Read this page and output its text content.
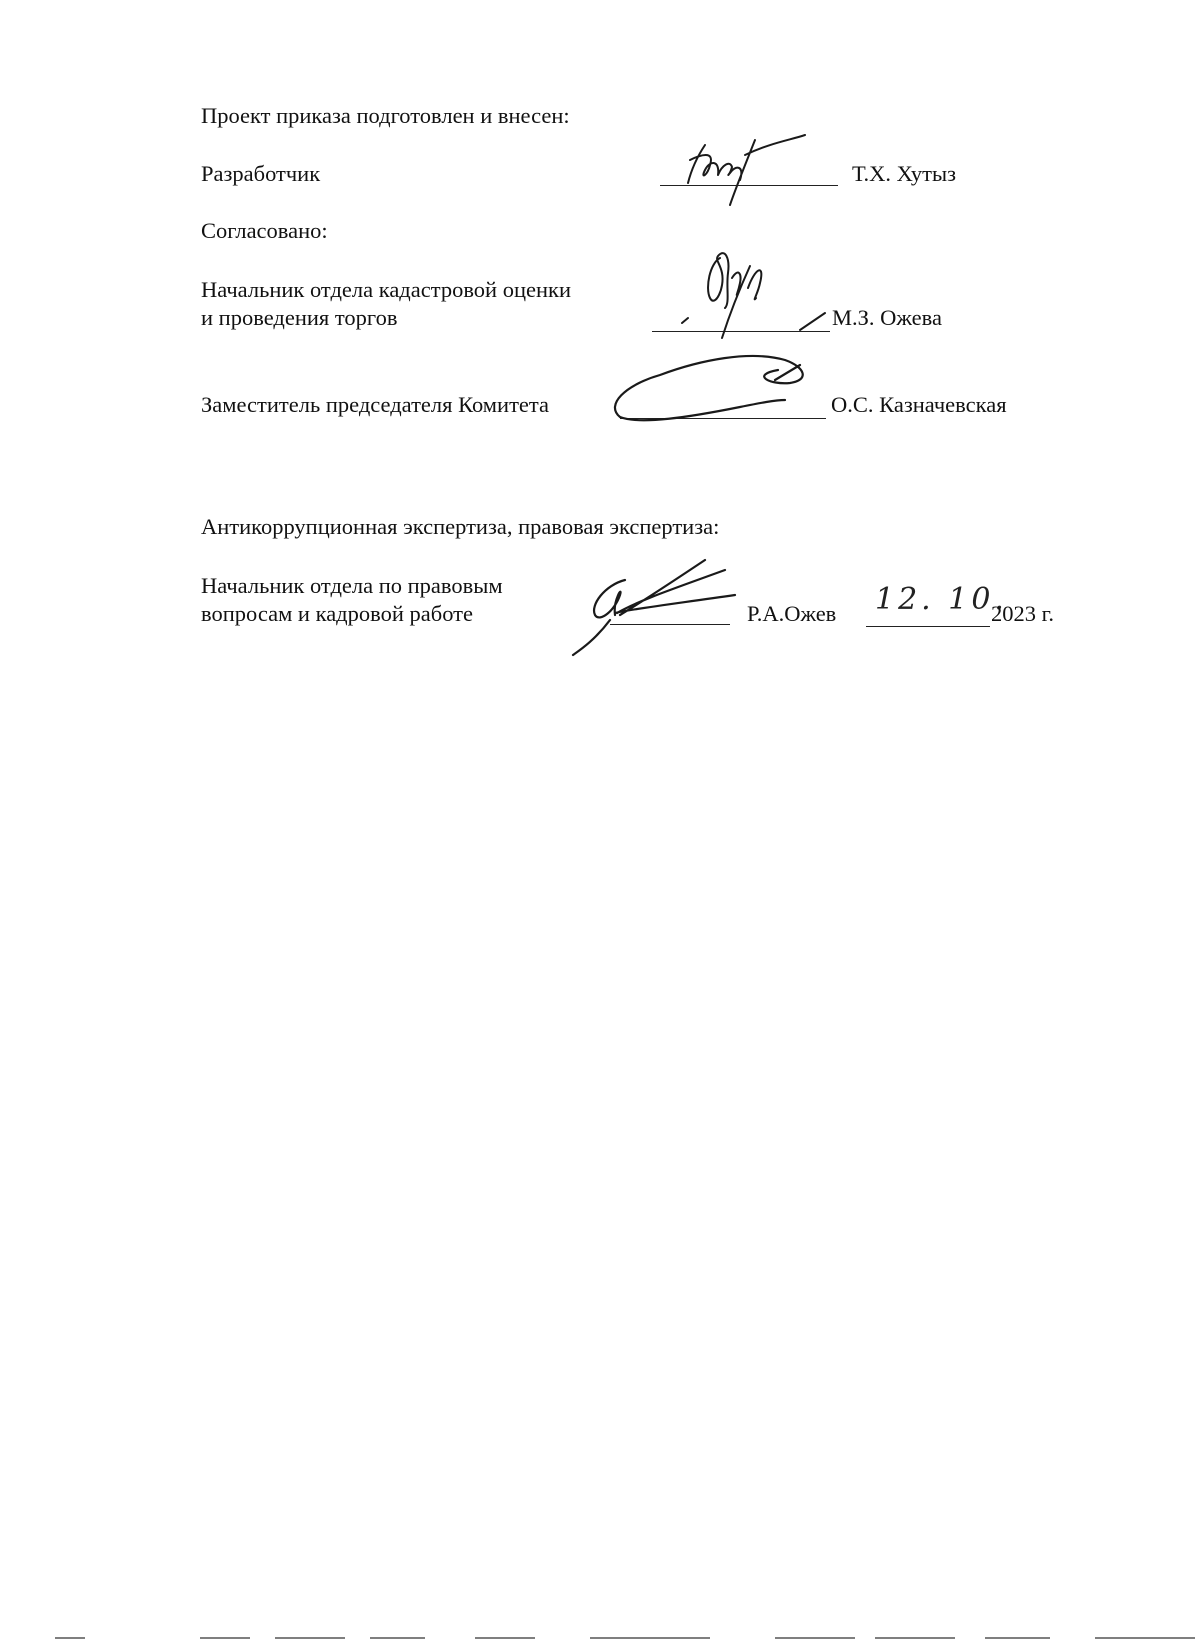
Проект приказа подготовлен и внесен:
Разработчик	Т.Х. Хутыз
Согласовано:
Начальник отдела кадастровой оценки
и проведения торгов	М.З. Ожева
Заместитель председателя Комитета	О.С. Казначевская
Антикоррупционная экспертиза, правовая экспертиза:
Начальник отдела по правовым
вопросам и кадровой работе	Р.А.Ожев 12. 10.
2023 г.
